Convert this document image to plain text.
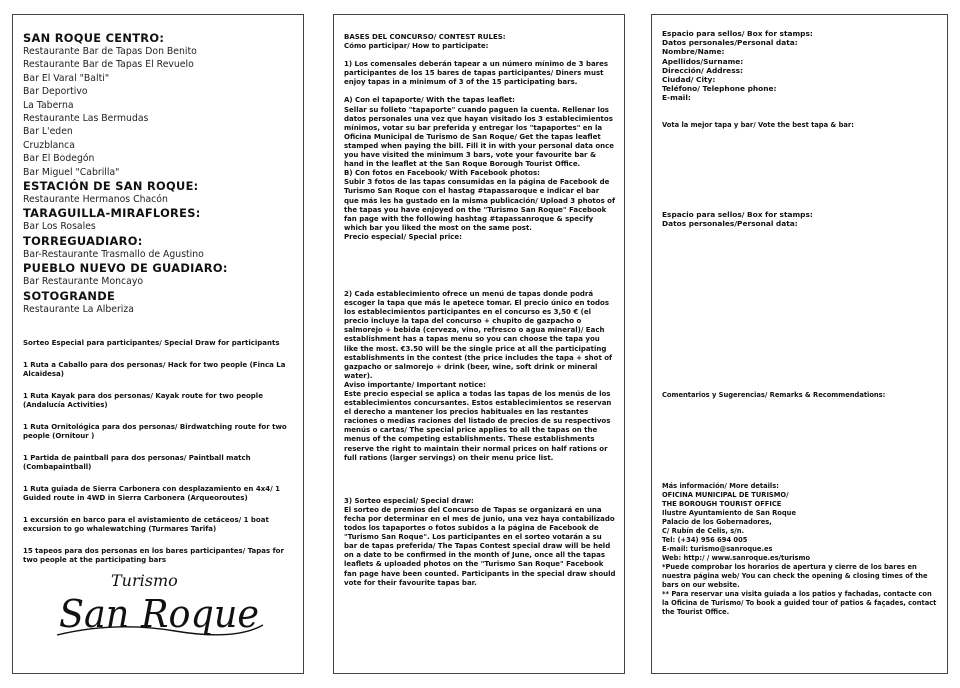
SAN ROQUE CENTRO:
Restaurante Bar de Tapas Don Benito
Restaurante Bar de Tapas El Revuelo
Bar El Varal "Balti"
Bar Deportivo
La Taberna
Restaurante Las Bermudas
Bar L'eden
Cruzblanca
Bar El Bodegón
Bar Miguel "Cabrilla"
ESTACIÓN DE SAN ROQUE:
Restaurante Hermanos Chacón
TARAGUILLA-MIRAFLORES:
Bar Los Rosales
TORREGUADIARO:
Bar-Restaurante Trasmallo de Agustino
PUEBLO NUEVO DE GUADIARO:
Bar Restaurante Moncayo
SOTOGRANDE
Restaurante La Alberiza
Sorteo Especial para participantes/ Special Draw for participants
1 Ruta a Caballo para dos personas/ Hack for two people (Finca La Alcaidesa)
1 Ruta Kayak para dos personas/ Kayak route for two people (Andalucía Activities)
1 Ruta Ornitológica para dos personas/ Birdwatching route for two people (Ornitour )
1 Partida de paintball para dos personas/ Paintball match (Combapaintball)
1 Ruta guiada de Sierra Carbonera con desplazamiento en 4x4/ 1 Guided route in 4WD in Sierra Carbonera (Arqueoroutes)
1 excursión en barco para el avistamiento de cetáceos/ 1 boat excursion to go whalewatching (Turmares Tarifa)
15 tapeos para dos personas en los bares participantes/ Tapas for two people at the participating bars
Turismo
San Roque
BASES DEL CONCURSO/ CONTEST RULES:
Cómo participar/ How to participate:
1) Los comensales deberán tapear a un número mínimo de 3 bares participantes de los 15 bares de tapas participantes/ Diners must enjoy tapas in a minimum of 3 of the 15 participating bars.
A) Con el tapaporte/ With the tapas leaflet:
Sellar su folleto "tapaporte" cuando paguen la cuenta. Rellenar los datos personales una vez que hayan visitado los 3 establecimientos mínimos, votar su bar preferida y entregar los "tapaportes" en la Oficina Municipal de Turismo de San Roque/ Get the tapas leaflet stamped when paying the bill. Fill it in with your personal data once you have visited the minimum 3 bars, vote your favourite bar & hand in the leaflet at the San Roque Borough Tourist Office.
B) Con fotos en Facebook/ With Facebook photos:
Subir 3 fotos de las tapas consumidas en la página de Facebook de Turismo San Roque con el hastag #tapassaroque e indicar el bar que más les ha gustado en la misma publicación/ Upload 3 photos of the tapas you have enjoyed on the "Turismo San Roque" Facebook fan page with the following hashtag #tapassanroque & specify which bar you liked the most on the same post.
Precio especial/ Special price:
2) Cada establecimiento ofrece un menú de tapas donde podrá escoger la tapa que más le apetece tomar. El precio único en todos los establecimientos participantes en el concurso es 3,50 € (el precio incluye la tapa del concurso + chupito de gazpacho o salmorejo + bebida (cerveza, vino, refresco o agua mineral)/ Each establishment has a tapas menu so you can choose the tapa you like the most. €3.50 will be the single price at all the participating establishments in the contest (the price includes the tapa + shot of gazpacho or salmorejo + drink (beer, wine, soft drink or mineral water).
Aviso importante/ Important notice:
Este precio especial se aplica a todas las tapas de los menús de los establecimientos concursantes. Estos establecimientos se reservan el derecho a mantener los precios habituales en las restantes raciones o medias raciones del listado de precios de su respectivos menús o cartas/ The special price applies to all the tapas on the menus of the competing establishments. These establishments reserve the right to maintain their normal prices on half rations or full rations (larger servings) on their menu price list.
3) Sorteo especial/ Special draw:
El sorteo de premios del Concurso de Tapas se organizará en una fecha por determinar en el mes de junio, una vez haya contabilizado todos los tapaportes o fotos subidos a la página de Facebook de "Turismo San Roque". Los participantes en el sorteo votarán a su bar de tapas preferida/ The Tapas Contest special draw will be held on a date to be confirmed in the month of June, once all the tapas leaflets & uploaded photos on the "Turismo San Roque" Facebook fan page have been counted. Participants in the special draw should vote for their favourite tapas bar.
Espacio para sellos/ Box for stamps:
Datos personales/Personal data:
Nombre/Name:
Apellidos/Surname:
Dirección/ Address:
Ciudad/ City:
Teléfono/ Telephone phone:
E-mail:
Vota la mejor tapa y bar/ Vote the best tapa & bar:
Espacio para sellos/ Box for stamps:
Datos personales/Personal data:
Comentarios y Sugerencias/ Remarks & Recommendations:
Más información/ More details:
OFICINA MUNICIPAL DE TURISMO/
THE BOROUGH TOURIST OFFICE
Ilustre Ayuntamiento de San Roque
Palacio de los Gobernadores,
C/ Rubín de Celis, s/n.
Tel: (+34) 956 694 005
E-mail: turismo@sanroque.es
Web: http:/ / www.sanroque.es/turismo
*Puede comprobar los horarios de apertura y cierre de los bares en nuestra página web/ You can check the opening & closing times of the bars on our website.
** Para reservar una visita guiada a los patios y fachadas, contacte con la Oficina de Turismo/ To book a guided tour of patios & façades, contact the Tourist Office.
